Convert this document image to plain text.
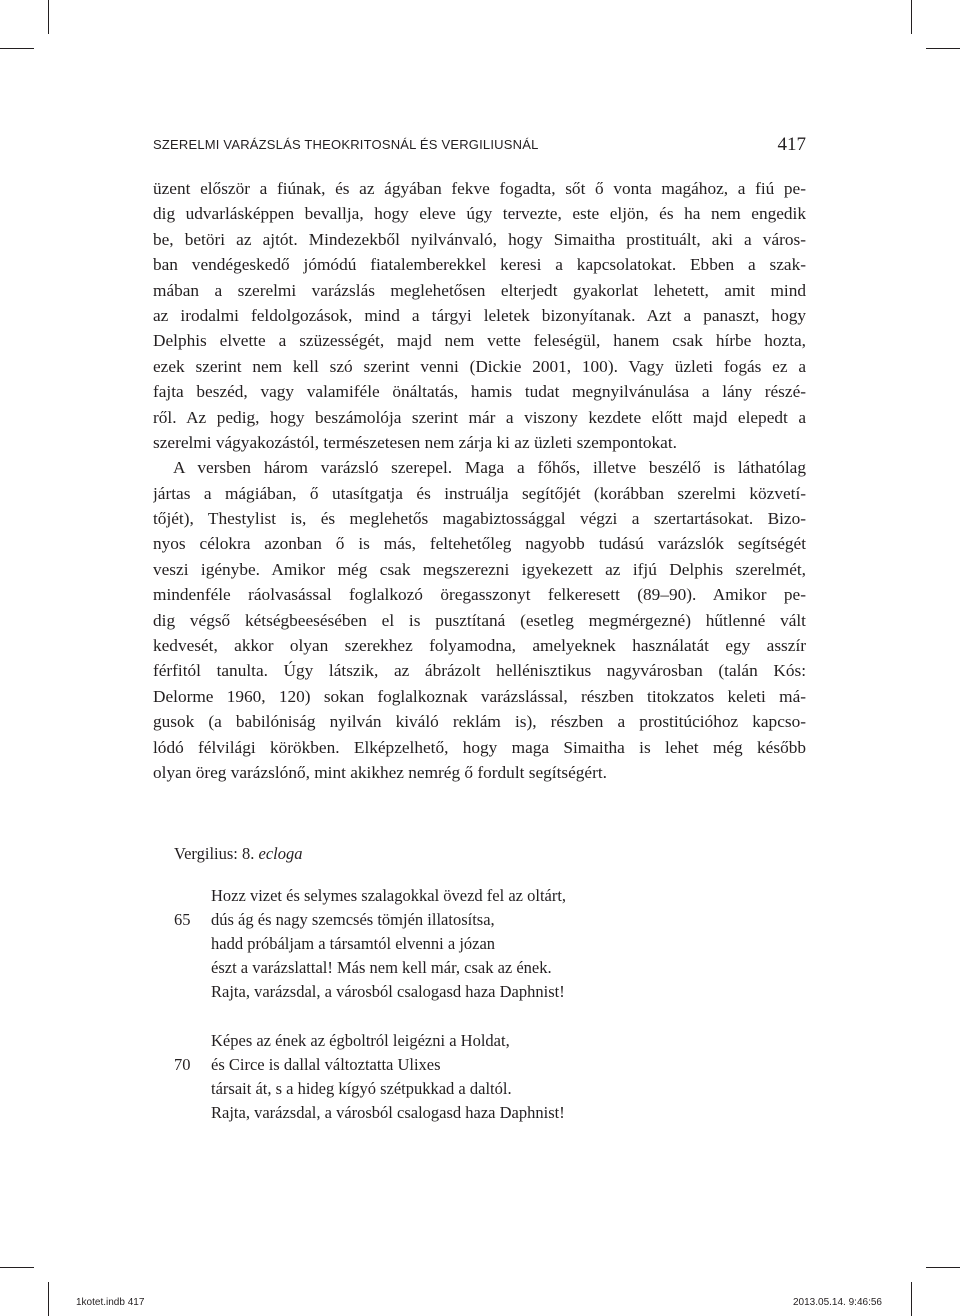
SZERELMI VARÁZSLÁS THEOKRITOSNÁL ÉS VERGILIUSNÁL	417
üzent először a fiúnak, és az ágyában fekve fogadta, sőt ő vonta magához, a fiú pe-
dig udvarlásképpen bevallja, hogy eleve úgy tervezte, este eljön, és ha nem engedik
be, betöri az ajtót. Mindezekből nyilvánvaló, hogy Simaitha prostituált, aki a város-
ban vendégeskedő jómódú fiatalemberekkel keresi a kapcsolatokat. Ebben a szak-
mában a szerelmi varázslás meglehetősen elterjedt gyakorlat lehetett, amit mind
az irodalmi feldolgozások, mind a tárgyi leletek bizonyítanak. Azt a panaszt, hogy
Delphis elvette a szüzességét, majd nem vette feleségül, hanem csak hírbe hozta,
ezek szerint nem kell szó szerint venni (Dickie 2001, 100). Vagy üzleti fogás ez a
fajta beszéd, vagy valamiféle önáltatás, hamis tudat megnyilvánulása a lány részé-
ről. Az pedig, hogy beszámolója szerint már a viszony kezdete előtt majd elepedt a
szerelmi vágyakozástól, természetesen nem zárja ki az üzleti szempontokat.
A versben három varázsló szerepel. Maga a főhős, illetve beszélő is láthatólag
jártas a mágiában, ő utasítgatja és instruálja segítőjét (korábban szerelmi közvetí-
tőjét), Thestylist is, és meglehetős magabiztossággal végzi a szertartásokat. Bizo-
nyos célokra azonban ő is más, feltehetőleg nagyobb tudású varázslók segítségét
veszi igénybe. Amikor még csak megszerezni igyekezett az ifjú Delphis szerelmét,
mindenféle ráolvasással foglalkozó öregasszonyt felkeresett (89–90). Amikor pe-
dig végső kétségbeesésében el is pusztítaná (esetleg megmérgezné) hűtlenné vált
kedvesét, akkor olyan szerekhez folyamodna, amelyeknek használatát egy asszír
férfitól tanulta. Úgy látszik, az ábrázolt hellénisztikus nagyvárosban (talán Kós:
Delorme 1960, 120) sokan foglalkoznak varázslással, részben titokzatos keleti má-
gusok (a babilóniság nyilván kiváló reklám is), részben a prostitúcióhoz kapcso-
lódó félvilági körökben. Elképzelhető, hogy maga Simaitha is lehet még később
olyan öreg varázslónő, mint akikhez nemrég ő fordult segítségért.
Vergilius: 8. ecloga
Hozz vizet és selymes szalagokkal övezd fel az oltárt,
65	dús ág és nagy szemcsés tömjén illatosítsa,
hadd próbáljam a társamtól elvenni a józan
észt a varázslattal! Más nem kell már, csak az ének.
Rajta, varázsdal, a városból csalogasd haza Daphnist!
Képes az ének az égboltról leigézni a Holdat,
70	és Circe is dallal változtatta Ulixes
társait át, s a hideg kígyó szétpukkad a daltól.
Rajta, varázsdal, a városból csalogasd haza Daphnist!
1kotet.indb 417	2013.05.14. 9:46:56
